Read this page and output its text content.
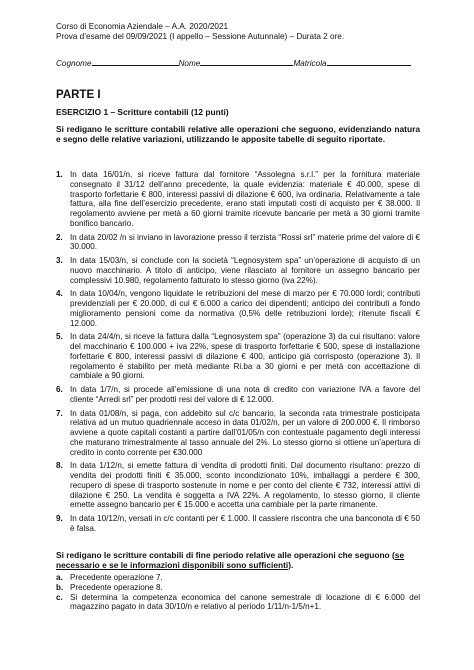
Corso di Economia Aziendale – A.A. 2020/2021
Prova d’esame del 09/09/2021 (I appello – Sessione Autunnale) – Durata 2 ore.
Cognome	Nome	Matricola
PARTE I
ESERCIZIO 1 – Scritture contabili (12 punti)
Si redigano le scritture contabili relative alle operazioni che seguono, evidenziando natura e segno delle relative variazioni, utilizzando le apposite tabelle di seguito riportate.
1. In data 16/01/n, si riceve fattura dal fornitore “Assolegna s.r.l.” per la fornitura materiale consegnato il 31/12 dell’anno precedente, la quale evidenzia: materiale € 40.000, spese di trasporto forfettarie € 800, interessi passivi di dilazione € 600, iva ordinaria. Relativamente a tale fattura, alla fine dell’esercizio precedente, erano stati imputati costi di acquisto per € 38.000. Il regolamento avviene per metà a 60 giorni tramite ricevute bancarie per metà a 30 giorni tramite bonifico bancario.
2. In data 20/02 /n si inviano in lavorazione presso il terzista “Rossi srl” materie prime del valore di € 30.000.
3. In data 15/03/n, si conclude con la società “Legnosystem spa” un’operazione di acquisto di un nuovo macchinario. A titolo di anticipo, viene rilasciato al fornitore un assegno bancario per complessivi 10.980, regolamento fatturato lo stesso giorno (iva 22%).
4. In data 10/04/n, vengono liquidate le retribuzioni del mese di marzo per € 70.000 lordi; contributi previdenziali per € 20.000, di cui € 6.000 a carico dei dipendenti; anticipo dei contributi a fondo miglioramento pensioni come da normativa (0,5% delle retribuzioni lorde); ritenute fiscali € 12.000.
5. In data 24/4/n, si riceve la fattura dalla “Legnosystem spa” (operazione 3) da cui risultano: valore del macchinario € 100.000 + iva 22%, spese di trasporto forfettarie € 500, spese di installazione forfettarie € 800, interessi passivi di dilazione € 400, anticipo già corrisposto (operazione 3). Il regolamento è stabilito per metà mediante Ri.ba a 30 giorni e per metà con accettazione di cambiale a 90 giorni.
6. In data 1/7/n, si procede all’emissione di una nota di credito con variazione IVA a favore del cliente “Arredi srl” per prodotti resi del valore di € 12.000.
7. In data 01/08/n, si paga, con addebito sul c/c bancario, la seconda rata trimestrale posticipata relativa ad un mutuo quadriennale acceso in data 01/02/n, per un valore di 200.000 €. Il rimborso avviene a quote capitali costanti a partire dall’01/05/n con contestuale pagamento degli interessi che maturano trimestralmente al tasso annuale del 2%. Lo stesso giorno si ottiene un’apertura di credito in conto corrente per €30.000
8. In data 1/12/n, si emette fattura di vendita di prodotti finiti. Dal documento risultano: prezzo di vendita dei prodotti finiti € 35.000, sconto incondizionato 10%, imballaggi a perdere € 300, recupero di spese di trasporto sostenute in nome e per conto del cliente € 732, interessi attivi di dilazione € 250. La vendita è soggetta a IVA 22%. A regolamento, lo stesso giorno, il cliente emette assegno bancario per € 15.000 e accetta una cambiale per la parte rimanente.
9. In data 10/12/n, versati in c/c contanti per € 1.000. Il cassiere riscontra che una banconota di € 50 è falsa.
Si redigano le scritture contabili di fine periodo relative alle operazioni che seguono (se necessario e se le informazioni disponibili sono sufficienti).
a. Precedente operazione 7.
b. Precedente operazione 8.
c. Si determina la competenza economica del canone semestrale di locazione di € 6.000 del magazzino pagato in data 30/10/n e relativo al periodo 1/11/n-1/5/n+1.
